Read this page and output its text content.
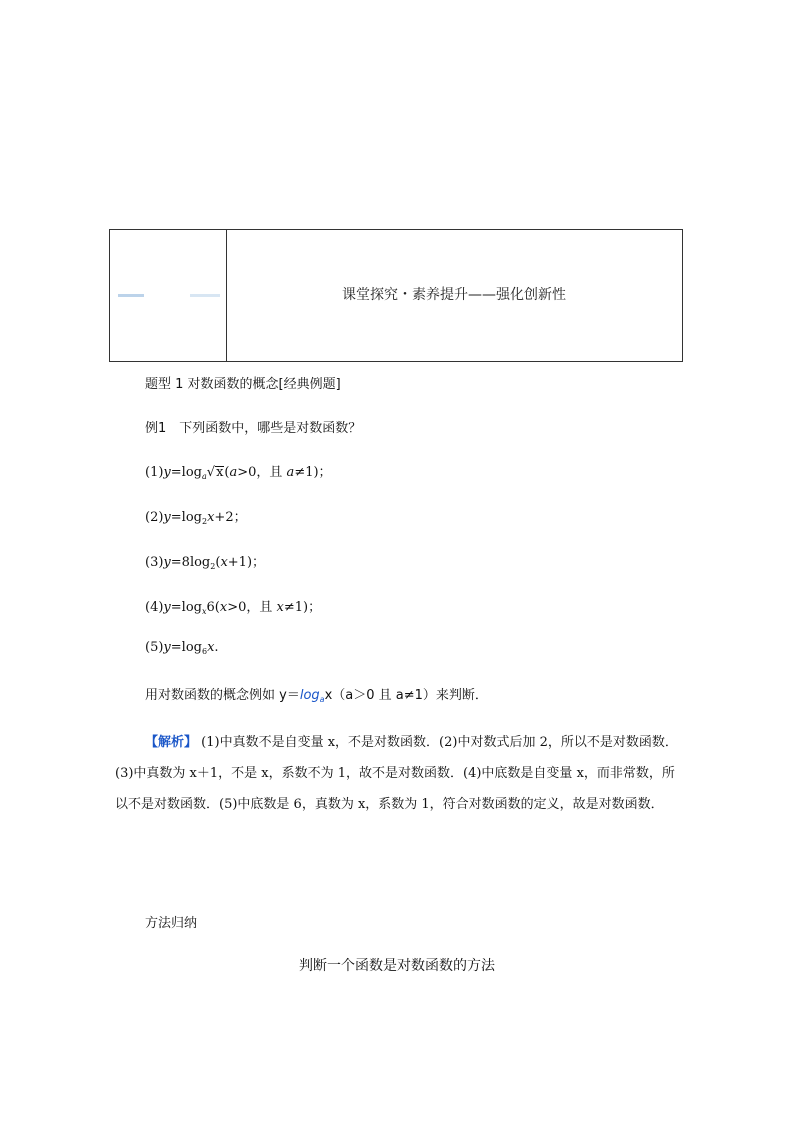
课堂探究・素养提升——强化创新性
题型 1 对数函数的概念[经典例题]
例1　下列函数中，哪些是对数函数？
$(1)y=\log_a√x(a>0$，且 a≠1)；
$(2)y=\log_2x+2$；
$(3)y=8\log_2(x+1)$；
$(4)y=\log_x6(x>0$，且 x≠1)；
$(5)y=\log_6x$.
用对数函数的概念例如 $y=\log_ax(a>0$ 且 a≠1）来判断．
【解析】 (1)中真数不是自变量 x，不是对数函数．(2)中对数式后加 2，所以不是对数函数．(3)中真数为 x＋1，不是 x，系数不为 1，故不是对数函数．(4)中底数是自变量 x，而非常数，所以不是对数函数．(5)中底数是 6，真数为 x，系数为 1，符合对数函数的定义，故是对数函数．
方法归纳
判断一个函数是对数函数的方法
